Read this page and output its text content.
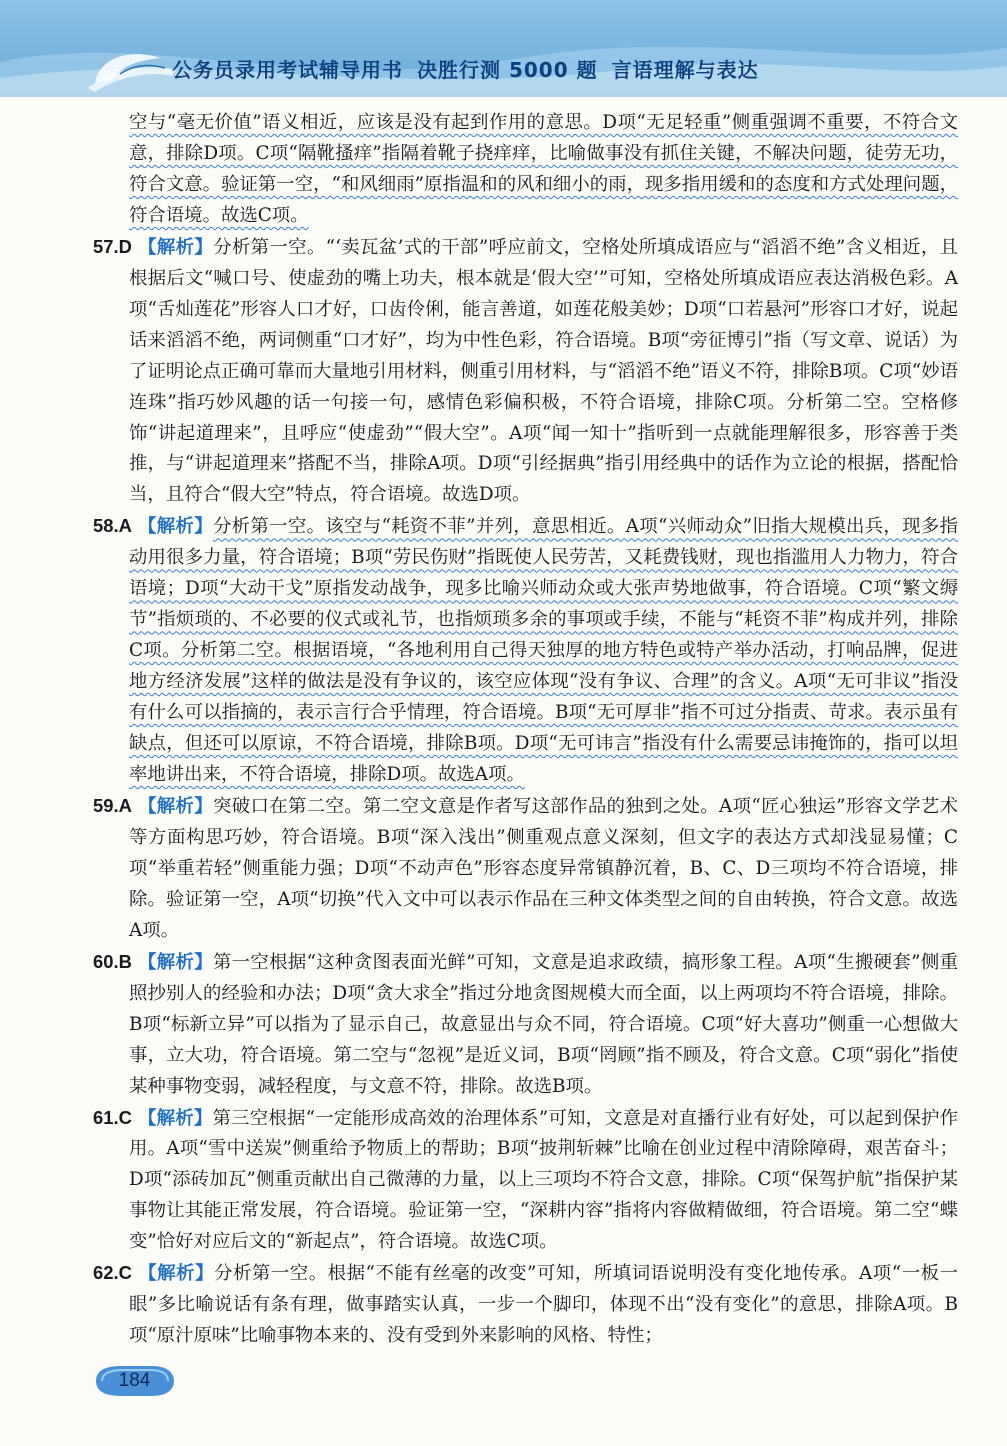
公务员录用考试辅导用书 决胜行测 5000 题 言语理解与表达

空与“毫无价值”语义相近，应该是没有起到作用的意思。D项“无足轻重”侧重强调不重要，不符合文意，排除D项。C项“隔靴搔痒”指隔着靴子挠痒痒，比喻做事没有抓住关键，不解决问题，徒劳无功，符合文意。验证第一空，“和风细雨”原指温和的风和细小的雨，现多指用缓和的态度和方式处理问题，符合语境。故选C项。

57.D 【解析】分析第一空。“‘卖瓦盆’式的干部”呼应前文，空格处所填成语应与“滔滔不绝”含义相近，且根据后文“喊口号、使虚劲的嘴上功夫，根本就是‘假大空’”可知，空格处所填成语应表达消极色彩。A项“舌灿莲花”形容人口才好，口齿伶俐，能言善道，如莲花般美妙；D项“口若悬河”形容口才好，说起话来滔滔不绝，两词侧重“口才好”，均为中性色彩，符合语境。B项“旁征博引”指（写文章、说话）为了证明论点正确可靠而大量地引用材料，侧重引用材料，与“滔滔不绝”语义不符，排除B项。C项“妙语连珠”指巧妙风趣的话一句接一句，感情色彩偏积极，不符合语境，排除C项。分析第二空。空格修饰“讲起道理来”，且呼应“使虚劲”“假大空”。A项“闻一知十”指听到一点就能理解很多，形容善于类推，与“讲起道理来”搭配不当，排除A项。D项“引经据典”指引用经典中的话作为立论的根据，搭配恰当，且符合“假大空”特点，符合语境。故选D项。

58.A 【解析】分析第一空。该空与“耗资不菲”并列，意思相近。A项“兴师动众”旧指大规模出兵，现多指动用很多力量，符合语境；B项“劳民伤财”指既使人民劳苦，又耗费钱财，现也指滥用人力物力，符合语境；D项“大动干戈”原指发动战争，现多比喻兴师动众或大张声势地做事，符合语境。C项“繁文缛节”指烦琐的、不必要的仪式或礼节，也指烦琐多余的事项或手续，不能与“耗资不菲”构成并列，排除C项。分析第二空。根据语境，“各地利用自己得天独厚的地方特色或特产举办活动，打响品牌，促进地方经济发展”这样的做法是没有争议的，该空应体现“没有争议、合理”的含义。A项“无可非议”指没有什么可以指摘的，表示言行合乎情理，符合语境。B项“无可厚非”指不可过分指责、苛求。表示虽有缺点，但还可以原谅，不符合语境，排除B项。D项“无可讳言”指没有什么需要忌讳掩饰的，指可以坦率地讲出来，不符合语境，排除D项。故选A项。

59.A 【解析】突破口在第二空。第二空文意是作者写这部作品的独到之处。A项“匠心独运”形容文学艺术等方面构思巧妙，符合语境。B项“深入浅出”侧重观点意义深刻，但文字的表达方式却浅显易懂；C项“举重若轻”侧重能力强；D项“不动声色”形容态度异常镇静沉着，B、C、D三项均不符合语境，排除。验证第一空，A项“切换”代入文中可以表示作品在三种文体类型之间的自由转换，符合文意。故选A项。

60.B 【解析】第一空根据“这种贪图表面光鲜”可知，文意是追求政绩，搞形象工程。A项“生搬硬套”侧重照抄别人的经验和办法；D项“贪大求全”指过分地贪图规模大而全面，以上两项均不符合语境，排除。B项“标新立异”可以指为了显示自己，故意显出与众不同，符合语境。C项“好大喜功”侧重一心想做大事，立大功，符合语境。第二空与“忽视”是近义词，B项“罔顾”指不顾及，符合文意。C项“弱化”指使某种事物变弱，减轻程度，与文意不符，排除。故选B项。

61.C 【解析】第三空根据“一定能形成高效的治理体系”可知，文意是对直播行业有好处，可以起到保护作用。A项“雪中送炭”侧重给予物质上的帮助；B项“披荆斩棘”比喻在创业过程中清除障碍，艰苦奋斗；D项“添砖加瓦”侧重贡献出自己微薄的力量，以上三项均不符合文意，排除。C项“保驾护航”指保护某事物让其能正常发展，符合语境。验证第一空，“深耕内容”指将内容做精做细，符合语境。第二空“蝶变”恰好对应后文的“新起点”，符合语境。故选C项。

62.C 【解析】分析第一空。根据“不能有丝毫的改变”可知，所填词语说明没有变化地传承。A项“一板一眼”多比喻说话有条有理，做事踏实认真，一步一个脚印，体现不出“没有变化”的意思，排除A项。B项“原汁原味”比喻事物本来的、没有受到外来影响的风格、特性；

184
